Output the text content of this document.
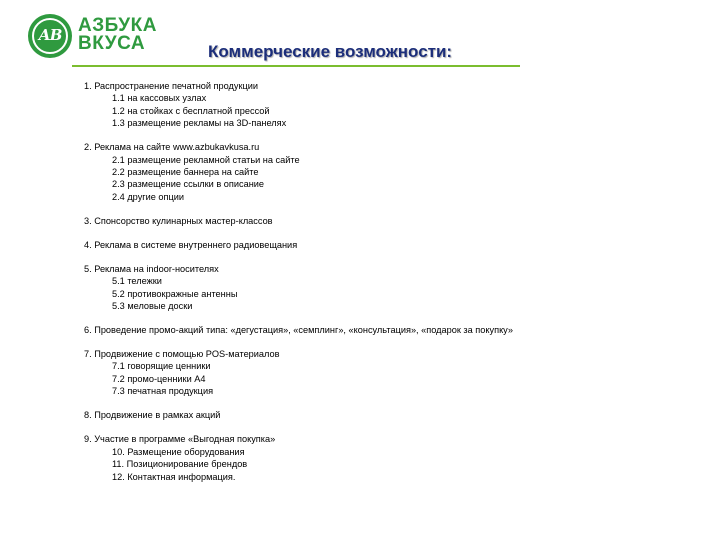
АВ АЗБУКА
ВКУСА	Коммерческие возможности:
1. Распространение печатной продукции
1.1 на кассовых узлах
1.2 на стойках с бесплатной прессой
1.3 размещение рекламы на 3D-панелях
2. Реклама на сайте www.azbukavkusa.ru
2.1 размещение рекламной статьи на сайте
2.2 размещение баннера на сайте
2.3 размещение ссылки в описание
2.4 другие опции
3. Спонсорство кулинарных мастер-классов
4. Реклама в системе внутреннего радиовещания
5. Реклама на indoor-носителях
5.1 тележки
5.2 противокражные антенны
5.3 меловые доски
6. Проведение промо-акций типа: «дегустация», «семплинг», «консультация», «подарок за покупку»
7. Продвижение с помощью POS-материалов
7.1 говорящие ценники
7.2 промо-ценники А4
7.3 печатная продукция
8. Продвижение в рамках акций
9. Участие в программе «Выгодная покупка»
10. Размещение оборудования
11. Позиционирование брендов
12. Контактная информация.
